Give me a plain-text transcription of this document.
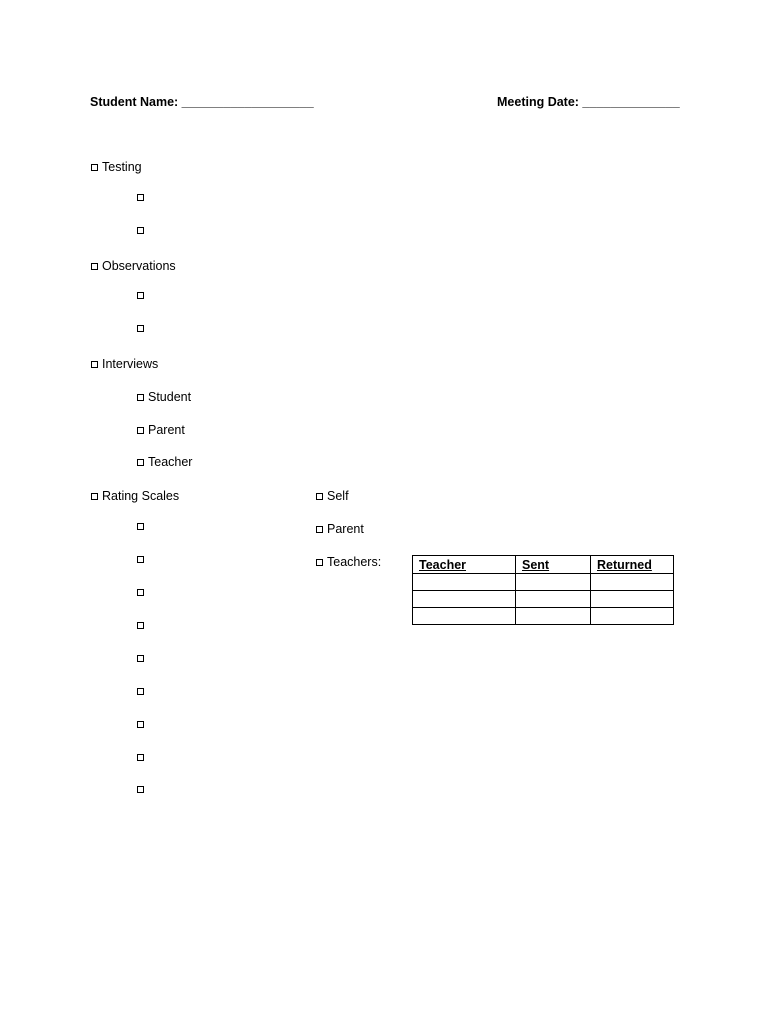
Student Name: ___________________	Meeting Date: ______________
Testing
Observations
Interviews
Student
Parent
Teacher
Rating Scales	Self
Parent
Teachers:	Teacher	Sent	Returned
